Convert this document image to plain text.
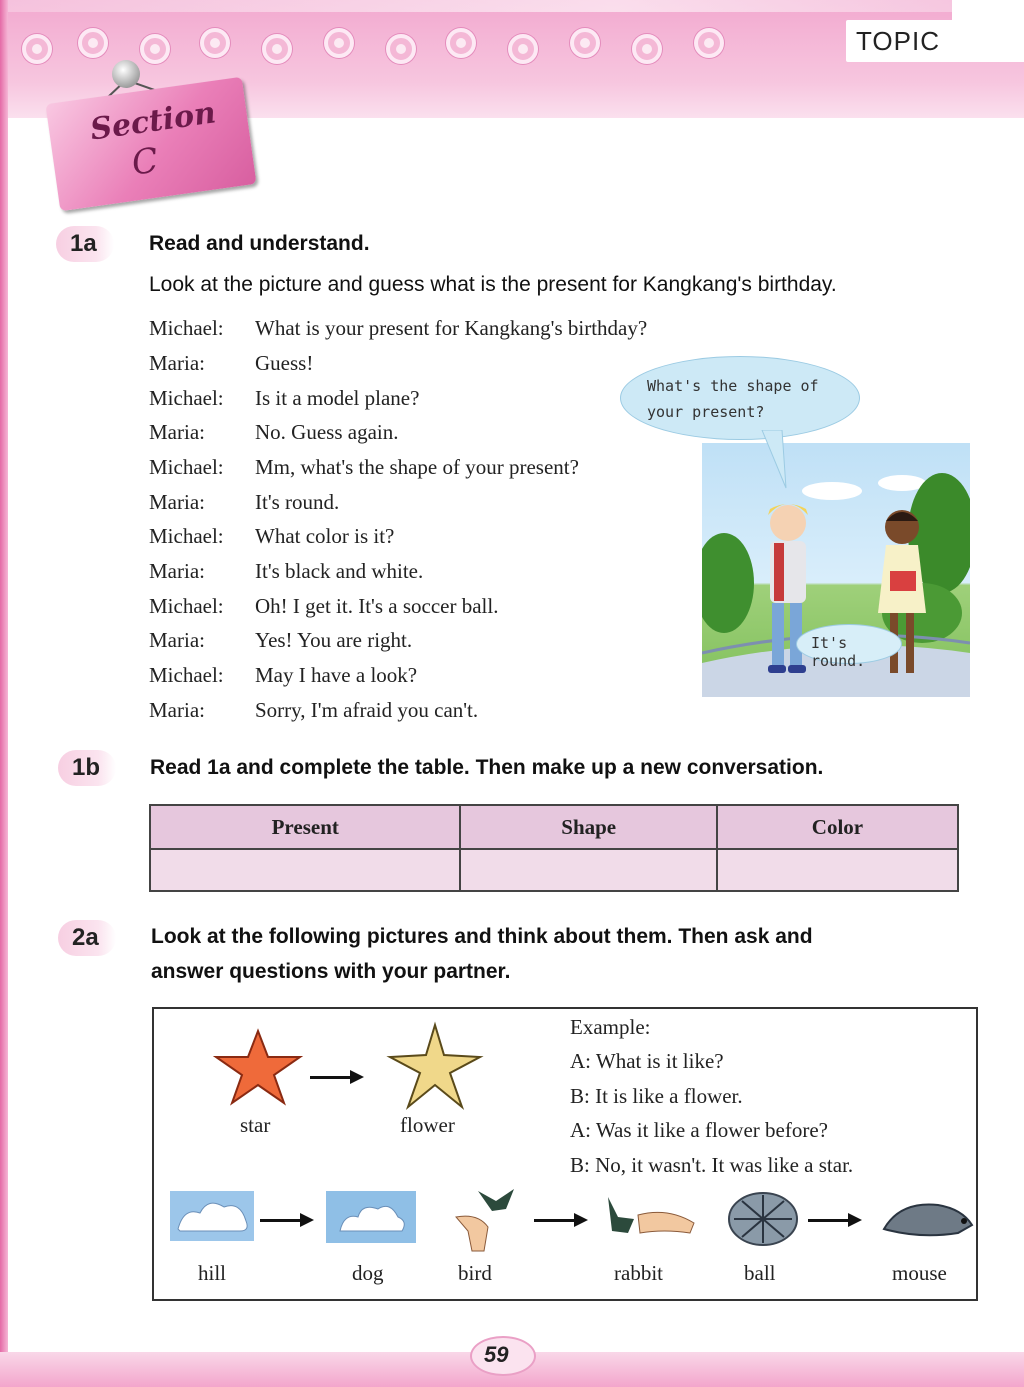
TOPIC
Section
C
1a	Read and understand.
Look at the picture and guess what is the present for Kangkang's birthday.
Michael: What is your present for Kangkang's birthday?
Maria: Guess!
Michael: Is it a model plane?
Maria: No. Guess again.
Michael: Mm, what's the shape of your present?
Maria: It's round.
Michael: What color is it?
Maria: It's black and white.
Michael: Oh! I get it. It's a soccer ball.
Maria: Yes! You are right.
Michael: May I have a look?
Maria: Sorry, I'm afraid you can't.
What's the shape of
your present?
It's round.
1b	Read 1a and complete the table. Then make up a new conversation.
Present	Shape	Color

2a	Look at the following pictures and think about them. Then ask and
answer questions with your partner.
star	flower
Example:
A: What is it like?
B: It is like a flower.
A: Was it like a flower before?
B: No, it wasn't. It was like a star.
hill	dog	bird	rabbit	ball	mouse
59
